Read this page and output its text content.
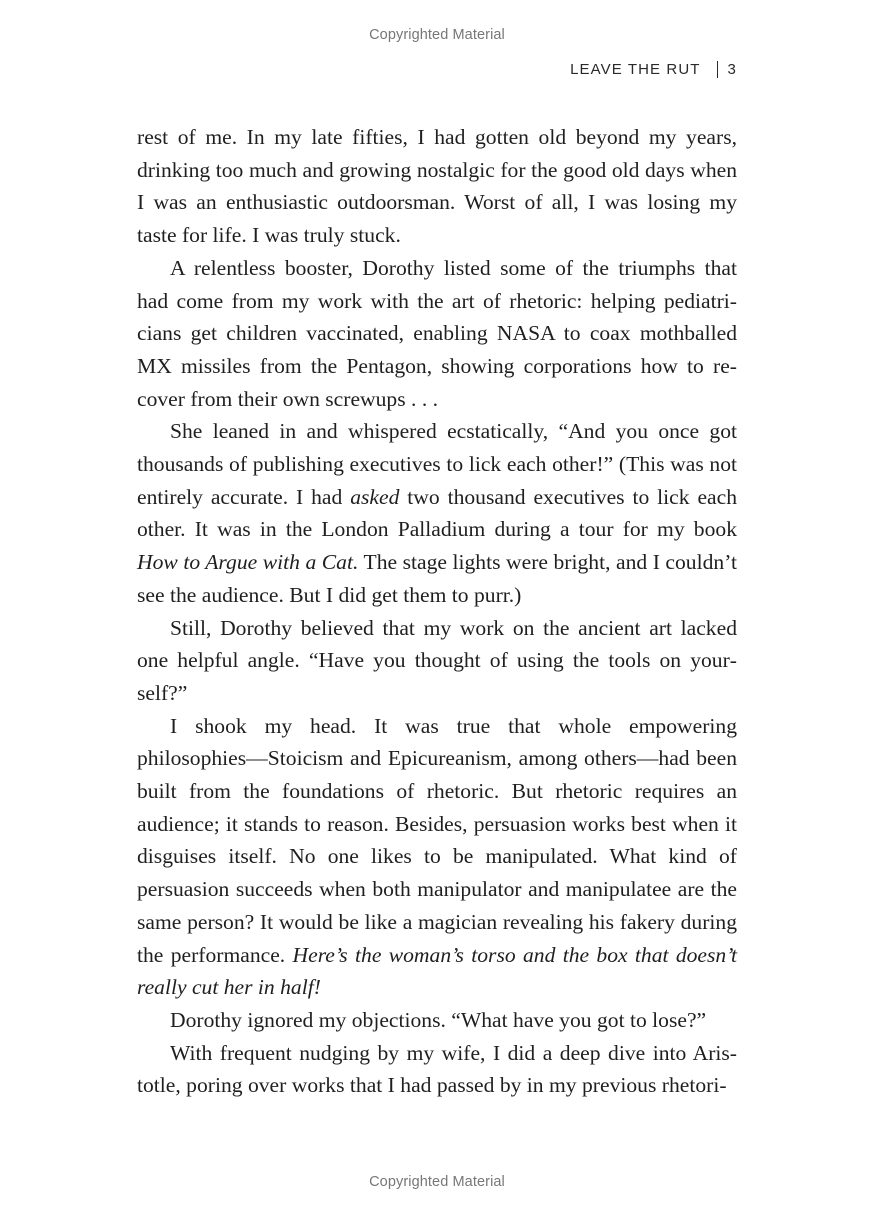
Copyrighted Material
LEAVE THE RUT 3

rest of me. In my late fifties, I had gotten old beyond my years, drinking too much and growing nostalgic for the good old days when I was an enthusiastic outdoorsman. Worst of all, I was losing my taste for life. I was truly stuck.

A relentless booster, Dorothy listed some of the triumphs that had come from my work with the art of rhetoric: helping pediatricians get children vaccinated, enabling NASA to coax mothballed MX missiles from the Pentagon, showing corporations how to recover from their own screwups . . .

She leaned in and whispered ecstatically, “And you once got thousands of publishing executives to lick each other!” (This was not entirely accurate. I had asked two thousand executives to lick each other. It was in the London Palladium during a tour for my book How to Argue with a Cat. The stage lights were bright, and I couldn’t see the audience. But I did get them to purr.)

Still, Dorothy believed that my work on the ancient art lacked one helpful angle. “Have you thought of using the tools on yourself?”

I shook my head. It was true that whole empowering philosophies—Stoicism and Epicureanism, among others—had been built from the foundations of rhetoric. But rhetoric requires an audience; it stands to reason. Besides, persuasion works best when it disguises itself. No one likes to be manipulated. What kind of persuasion succeeds when both manipulator and manipulatee are the same person? It would be like a magician revealing his fakery during the performance. Here’s the woman’s torso and the box that doesn’t really cut her in half!

Dorothy ignored my objections. “What have you got to lose?”

With frequent nudging by my wife, I did a deep dive into Aristotle, poring over works that I had passed by in my previous rhetori-

Copyrighted Material
